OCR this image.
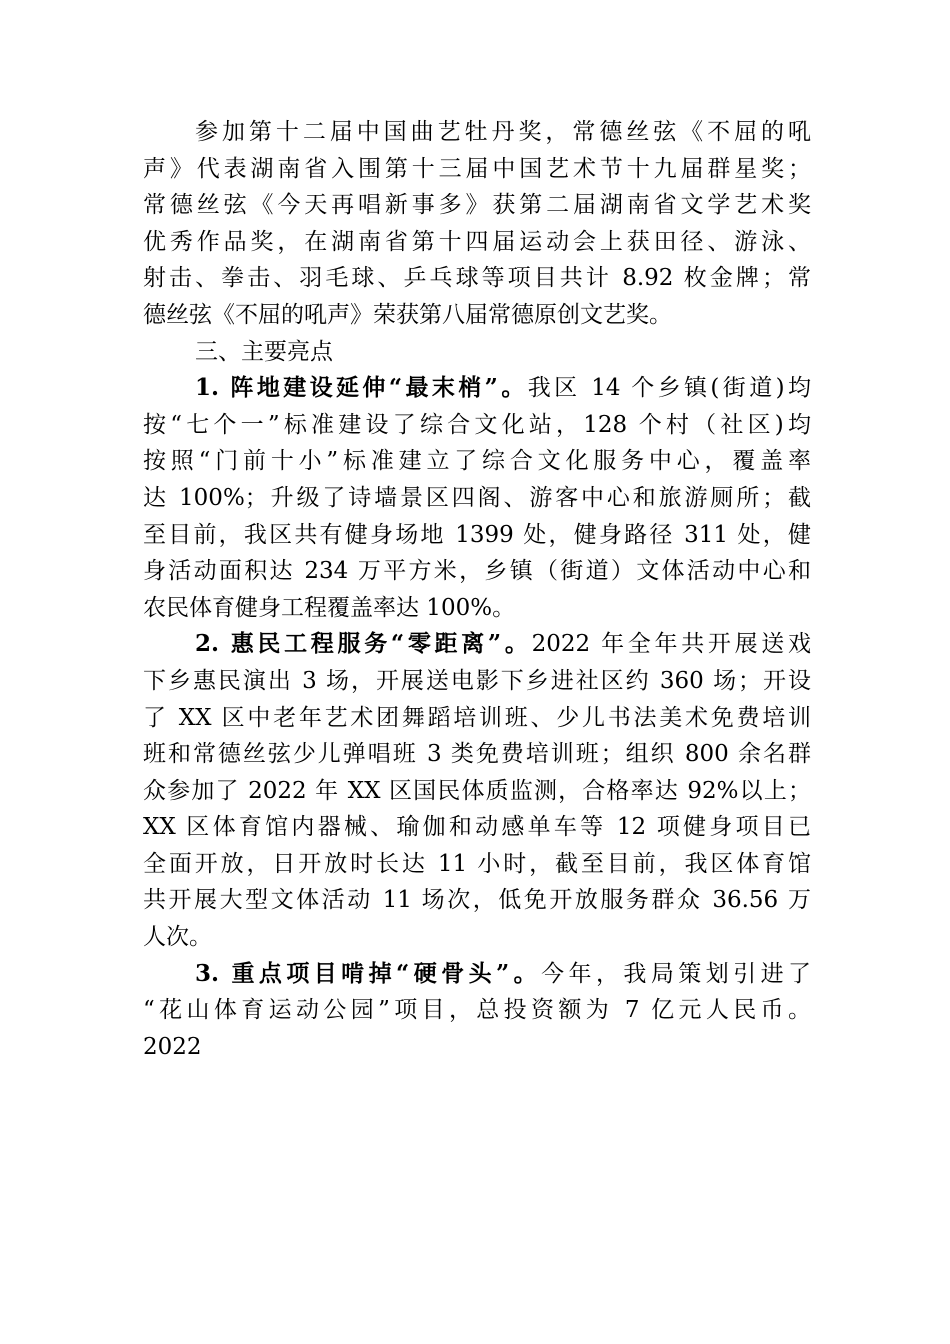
参加第十二届中国曲艺牡丹奖，常德丝弦《不屈的吼
声》代表湖南省入围第十三届中国艺术节十九届群星奖；
常德丝弦《今天再唱新事多》获第二届湖南省文学艺术奖
优秀作品奖，在湖南省第十四届运动会上获田径、游泳、
射击、拳击、羽毛球、乒乓球等项目共计 8.92 枚金牌；常
德丝弦《不屈的吼声》荣获第八届常德原创文艺奖。
三、主要亮点
1. 阵地建设延伸“最末梢”。我区 14 个乡镇(街道)均
按“七个一”标准建设了综合文化站，128 个村（社区)均
按照“门前十小”标准建立了综合文化服务中心，覆盖率
达 100%；升级了诗墙景区四阁、游客中心和旅游厕所；截
至目前，我区共有健身场地 1399 处，健身路径 311 处，健
身活动面积达 234 万平方米，乡镇（街道）文体活动中心和
农民体育健身工程覆盖率达 100%。
2. 惠民工程服务“零距离”。2022 年全年共开展送戏
下乡惠民演出 3 场，开展送电影下乡进社区约 360 场；开设
了 XX 区中老年艺术团舞蹈培训班、少儿书法美术免费培训
班和常德丝弦少儿弹唱班 3 类免费培训班；组织 800 余名群
众参加了 2022 年 XX 区国民体质监测，合格率达 92%以上；
XX 区体育馆内器械、瑜伽和动感单车等 12 项健身项目已
全面开放，日开放时长达 11 小时，截至目前，我区体育馆
共开展大型文体活动 11 场次，低免开放服务群众 36.56 万
人次。
3. 重点项目啃掉“硬骨头”。今年，我局策划引进了
“花山体育运动公园”项目，总投资额为 7 亿元人民币。
2022
